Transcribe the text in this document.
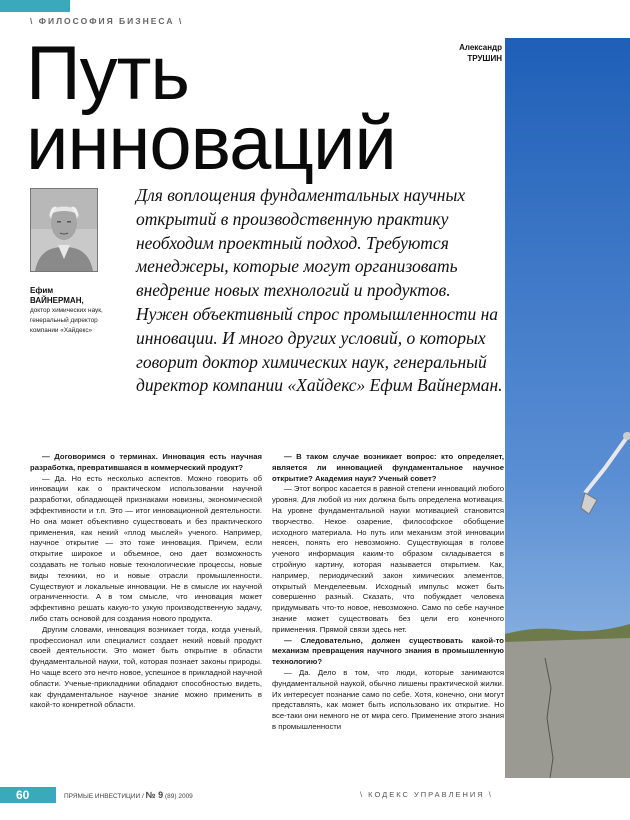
\ ФИЛОСОФИЯ БИЗНЕСА \
Путь
инноваций
Александр
ТРУШИН
Ефим
ВАЙНЕРМАН,
доктор химических наук, генеральный директор компании «Хайдекс»
Для воплощения фундаментальных научных открытий в производственную практику необходим проектный подход. Требуются менеджеры, которые могут организовать внедрение новых технологий и продуктов. Нужен объективный спрос промышленности на инновации. И много других условий, о которых говорит доктор химических наук, генеральный директор компании «Хайдекс» Ефим Вайнерман.

— Договоримся о терминах. Инновация есть научная разработка, превратившаяся в коммерческий продукт?

— Да. Но есть несколько аспектов. Можно говорить об инновации как о практическом использовании научной разработки, обладающей признаками новизны, экономической эффективности и т.п. Это — итог инновационной деятельности. Но она может объективно существовать и без практического применения, как некий «плод мыслей» ученого. Например, научное открытие — это тоже инновация. Причем, если открытие широкое и объемное, оно дает возможность создавать не только новые технологические процессы, новые виды техники, но и новые отрасли промышленности. Существуют и локальные инновации. Не в смысле их научной ограниченности. А в том смысле, что инновация может эффективно решать какую-то узкую производственную задачу, либо стать основой для создания нового продукта.

Другим словами, инновация возникает тогда, когда ученый, профессионал или специалист создает некий новый продукт своей деятельности. Это может быть открытие в области фундаментальной науки, той, которая познает законы природы. Но чаще всего это нечто новое, успешное в прикладной научной области. Ученые-прикладники обладают способностью видеть, как фундаментальное научное знание можно применить в какой-то конкретной области.

— В таком случае возникает вопрос: кто определяет, является ли инновацией фундаментальное научное открытие? Академия наук? Ученый совет?

— Этот вопрос касается в равной степени инноваций любого уровня. Для любой из них должна быть определена мотивация. На уровне фундаментальной науки мотивацией становится творчество. Некое озарение, философское обобщение исходного материала. Но путь или механизм этой инновации неясен, понять его невозможно. Существующая в голове ученого информация каким-то образом складывается в стройную картину, которая называется открытием. Как, например, периодический закон химических элементов, открытый Менделеевым. Исходный импульс может быть совершенно разный. Сказать, что побуждает человека придумывать что-то новое, невозможно. Само по себе научное знание может существовать без цели его конечного применения. Прямой связи здесь нет.

— Следовательно, должен существовать какой-то механизм превращения научного знания в промышленную технологию?

— Да. Дело в том, что люди, которые занимаются фундаментальной наукой, обычно лишены практической жилки. Их интересует познание само по себе. Хотя, конечно, они могут представлять, как может быть использовано их открытие. Но все-таки они немного не от мира сего. Применение этого знания в промышленности

60	ПРЯМЫЕ ИНВЕСТИЦИИ / № 9 (89) 2009	\ КОДЕКС УПРАВЛЕНИЯ \
